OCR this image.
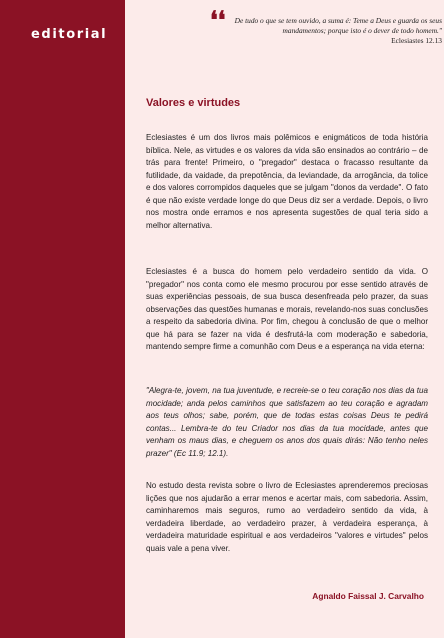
editorial
❛❛	De tudo o que se tem ouvido, a suma é: Teme a Deus e guarda os seus mandamentos; porque isto é o dever de todo homem."
Eclesiastes 12.13
Valores e virtudes

Eclesiastes é um dos livros mais polêmicos e enigmáticos de toda história bíblica. Nele, as virtudes e os valores da vida são ensinados ao contrário – de trás para frente! Primeiro, o "pregador" destaca o fracasso resultante da futilidade, da vaidade, da prepotência, da leviandade, da arrogância, da tolice e dos valores corrompidos daqueles que se julgam "donos da verdade". O fato é que não existe verdade longe do que Deus diz ser a verdade. Depois, o livro nos mostra onde erramos e nos apresenta sugestões de qual teria sido a melhor alternativa.

Eclesiastes é a busca do homem pelo verdadeiro sentido da vida. O "pregador" nos conta como ele mesmo procurou por esse sentido através de suas experiências pessoais, de sua busca desenfreada pelo prazer, da suas observações das questões humanas e morais, revelando-nos suas conclusões a respeito da sabedoria divina. Por fim, chegou à conclusão de que o melhor que há para se fazer na vida é desfrutá-la com moderação e sabedoria, mantendo sempre firme a comunhão com Deus e a esperança na vida eterna:

"Alegra-te, jovem, na tua juventude, e recreie-se o teu coração nos dias da tua mocidade; anda pelos caminhos que satisfazem ao teu coração e agradam aos teus olhos; sabe, porém, que de todas estas coisas Deus te pedirá contas... Lembra-te do teu Criador nos dias da tua mocidade, antes que venham os maus dias, e cheguem os anos dos quais dirás: Não tenho neles prazer" (Ec 11.9; 12.1).

No estudo desta revista sobre o livro de Eclesiastes aprenderemos preciosas lições que nos ajudarão a errar menos e acertar mais, com sabedoria. Assim, caminharemos mais seguros, rumo ao verdadeiro sentido da vida, à verdadeira liberdade, ao verdadeiro prazer, à verdadeira esperança, à verdadeira maturidade espiritual e aos verdadeiros "valores e virtudes" pelos quais vale a pena viver.

Agnaldo Faissal J. Carvalho
